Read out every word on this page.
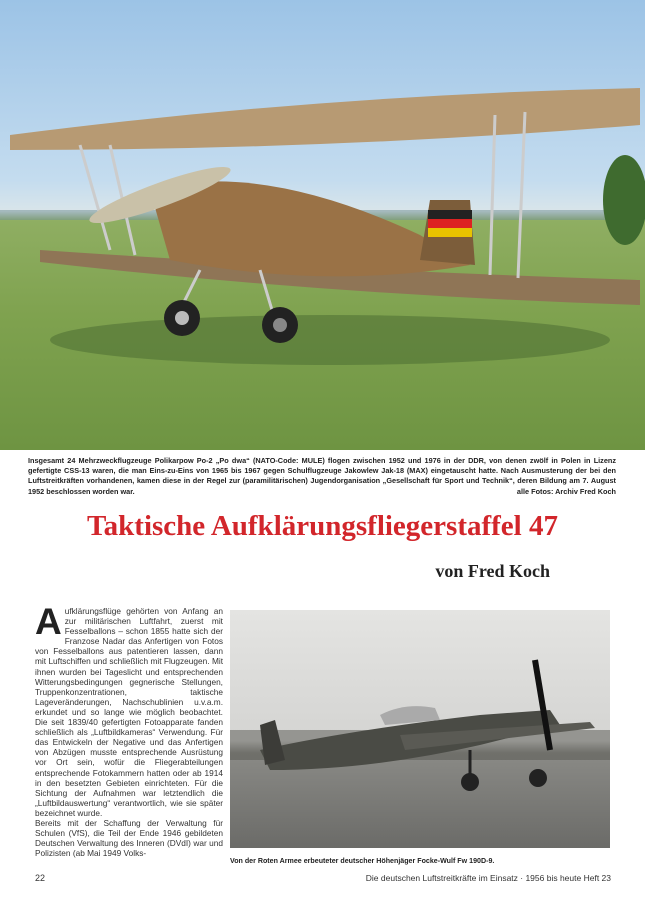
Insgesamt 24 Mehrzweckflugzeuge Polikarpow Po-2 „Po dwa“ (NATO-Code: MULE) flogen zwischen 1952 und 1976 in der DDR, von denen zwölf in Polen in Lizenz gefertigte CSS-13 waren, die man Eins-zu-Eins von 1965 bis 1967 gegen Schulflugzeuge Jakowlew Jak-18 (MAX) eingetauscht hatte. Nach Ausmusterung der bei den Luftstreitkräften vorhandenen, kamen diese in der Regel zur (paramilitärischen) Jugendorganisation „Gesellschaft für Sport und Technik“, deren Bildung am 7. August 1952 beschlossen worden war.	alle Fotos: Archiv Fred Koch
Taktische Aufklärungsfliegerstaffel 47
von Fred Koch

Aufklärungsflüge gehörten von Anfang an zur militärischen Luftfahrt, zuerst mit Fesselballons – schon 1855 hatte sich der Franzose Nadar das Anfertigen von Fotos von Fesselballons aus patentieren lassen, dann mit Luftschiffen und schließlich mit Flugzeugen. Mit ihnen wurden bei Tageslicht und entsprechenden Witterungsbedingungen gegnerische Stellungen, Truppenkonzentrationen, taktische Lageveränderungen, Nachschublinien u.v.a.m. erkundet und so lange wie möglich beobachtet. Die seit 1839/40 gefertigten Fotoapparate fanden schließlich als „Luftbildkameras“ Verwendung. Für das Entwickeln der Negative und das Anfertigen von Abzügen musste entsprechende Ausrüstung vor Ort sein, wofür die Fliegerabteilungen entsprechende Fotokammern hatten oder ab 1914 in den besetzten Gebieten einrichteten. Für die Sichtung der Aufnahmen war letztendlich die „Luftbildauswertung“ verantwortlich, wie sie später bezeichnet wurde.

Bereits mit der Schaffung der Verwaltung für Schulen (VfS), die Teil der Ende 1946 gebildeten Deutschen Verwaltung des Inneren (DVdI) war und Polizisten (ab Mai 1949 Volks-

Von der Roten Armee erbeuteter deutscher Höhenjäger Focke-Wulf Fw 190D-9.
22	Die deutschen Luftstreitkräfte im Einsatz · 1956 bis heute Heft 23
